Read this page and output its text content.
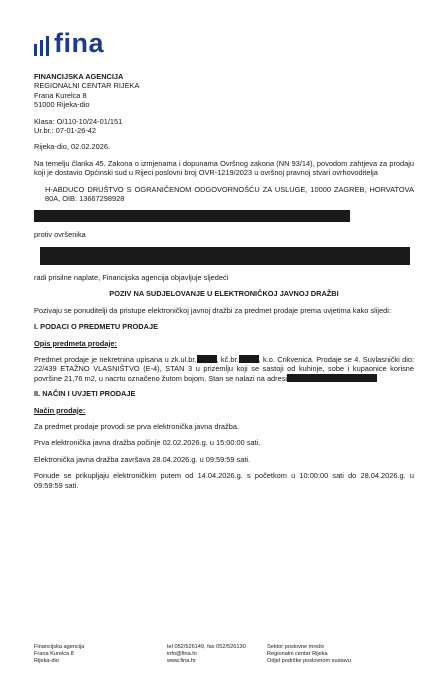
fina

FINANCIJSKA AGENCIJA

REGIONALNI CENTAR RIJEKA

Frana Kurelca 8

51000 Rijeka-dio

Klasa: O/110-10/24-01/151

Ur.br.: 07-01-26-42

Rijeka-dio, 02.02.2026.

Na temelju članka 45. Zakona o izmjenama i dopunama Ovršnog zakona (NN 93/14), povodom zahtjeva za prodaju koji je dostavio Općinski sud u Rijeci poslovni broj OVR-1219/2023 u ovršnoj pravnoj stvari ovrhovoditelja

H-ABDUCO DRUŠTVO S OGRANIČENOM ODGOVORNOŠĆU ZA USLUGE, 10000 ZAGREB, HORVATOVA 80A, OIB: 13667298928

protiv ovršenika

radi prisilne naplate, Financijska agencija objavljuje sljedeći

POZIV NA SUDJELOVANJE U ELEKTRONIČKOJ JAVNOJ DRAŽBI

Pozivaju se ponuditelji da pristupe elektroničkoj javnoj dražbi za predmet prodaje prema uvjetima kako slijedi:

I. PODACI O PREDMETU PRODAJE

Opis predmeta prodaje:

Predmet prodaje je nekretnina upisana u zk.ul.br.	, kč.br.	, k.o. Crikvenica. Prodaje se 4. Suvlasnički dio: 22/439 ETAŽNO VLASNIŠTVO (E-4), STAN 3 u prizemlju koji se sastoji od kuhinje, sobe i kupaonice korisne površine 21,76 m2, u nacrtu označeno žutom bojom. Stan se nalazi na adresi

II. NAČIN I UVJETI PRODAJE

Način prodaje:

Za predmet prodaje provodi se prva elektronička javna dražba.

Prva elektronička javna dražba počinje 02.02.2026.g. u 15:00:00 sati.

Elektronička javna dražba završava 28.04.2026.g. u 09:59:59 sati.

Ponude se prikupljaju elektroničkim putem od 14.04.2026.g. s početkom u 10:00:00 sati do 28.04.2026.g. u 09:59:59 sati.

Financijska agencija

Frana Kurelca 8

Rijeka-dio

tel 052/526149, fax 052/526130

info@fina.hr

www.fina.hr

Sektor poslovne mreže

Regionalni centar Rijeka

Odjel podrške poslovnom sustavu
